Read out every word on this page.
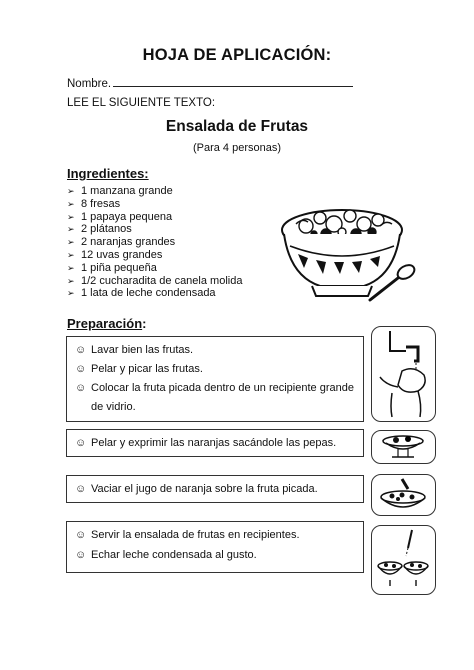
HOJA DE APLICACIÓN:
Nombre.
LEE EL SIGUIENTE TEXTO:
Ensalada de Frutas
(Para 4 personas)
Ingredientes:
➢ 1 manzana grande
➢ 8 fresas
➢ 1 papaya pequena
➢ 2 plátanos
➢ 2 naranjas grandes
➢ 12 uvas grandes
➢ 1 piña pequeña
➢ 1/2 cucharadita de canela molida
➢ 1 lata de leche condensada
Preparación:
☺ Lavar bien las frutas.
☺ Pelar y picar las frutas.
☺ Colocar la fruta picada dentro de un recipiente grande
de vidrio.
☺ Pelar y exprimir las naranjas sacándole las pepas.
☺ Vaciar el jugo de naranja sobre la fruta picada.
☺ Servir la ensalada de frutas en recipientes.
☺ Echar leche condensada al gusto.
